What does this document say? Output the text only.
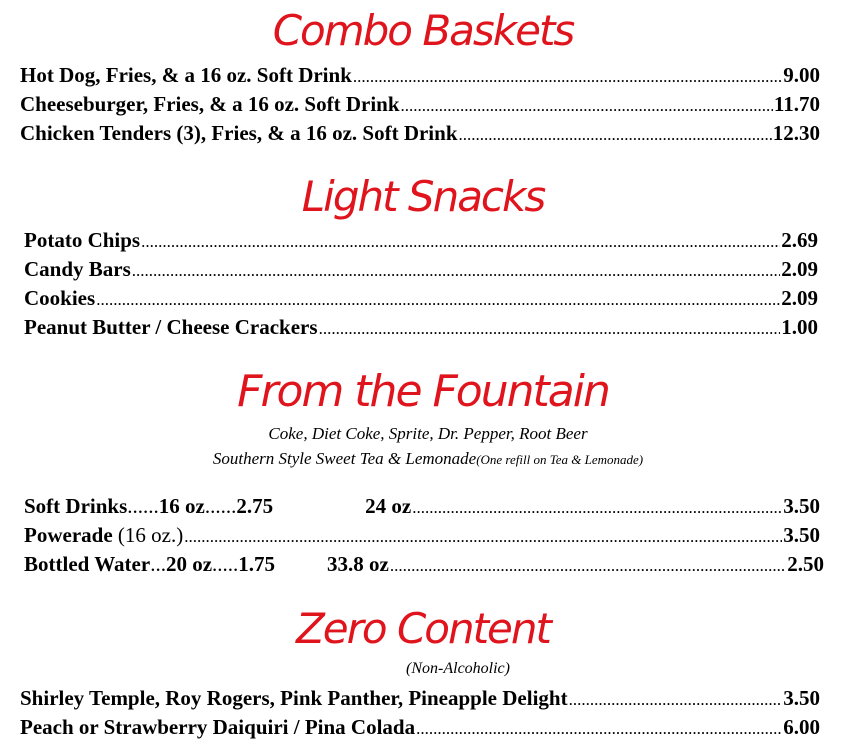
Combo Baskets
Hot Dog, Fries, & a 16 oz. Soft Drink .....	9.00
Cheeseburger, Fries, & a 16 oz. Soft Drink .....	11.70
Chicken Tenders (3), Fries, & a 16 oz. Soft Drink .....	12.30
Light Snacks
Potato Chips .....	2.69
Candy Bars .....	2.09
Cookies .....	2.09
Peanut Butter / Cheese Crackers .....	1.00
From the Fountain
Coke, Diet Coke, Sprite, Dr. Pepper, Root Beer
Southern Style Sweet Tea & Lemonade(One refill on Tea & Lemonade)
Soft Drinks ...... 16 oz ...... 2.75	24 oz .....	3.50
Powerade (16 oz.) .....	3.50
Bottled Water ... 20 oz ..... 1.75 33.8 oz .....	2.50
Zero Content
(Non-Alcoholic)
Shirley Temple, Roy Rogers, Pink Panther, Pineapple Delight .....	3.50
Peach or Strawberry Daiquiri / Pina Colada .....	6.00
